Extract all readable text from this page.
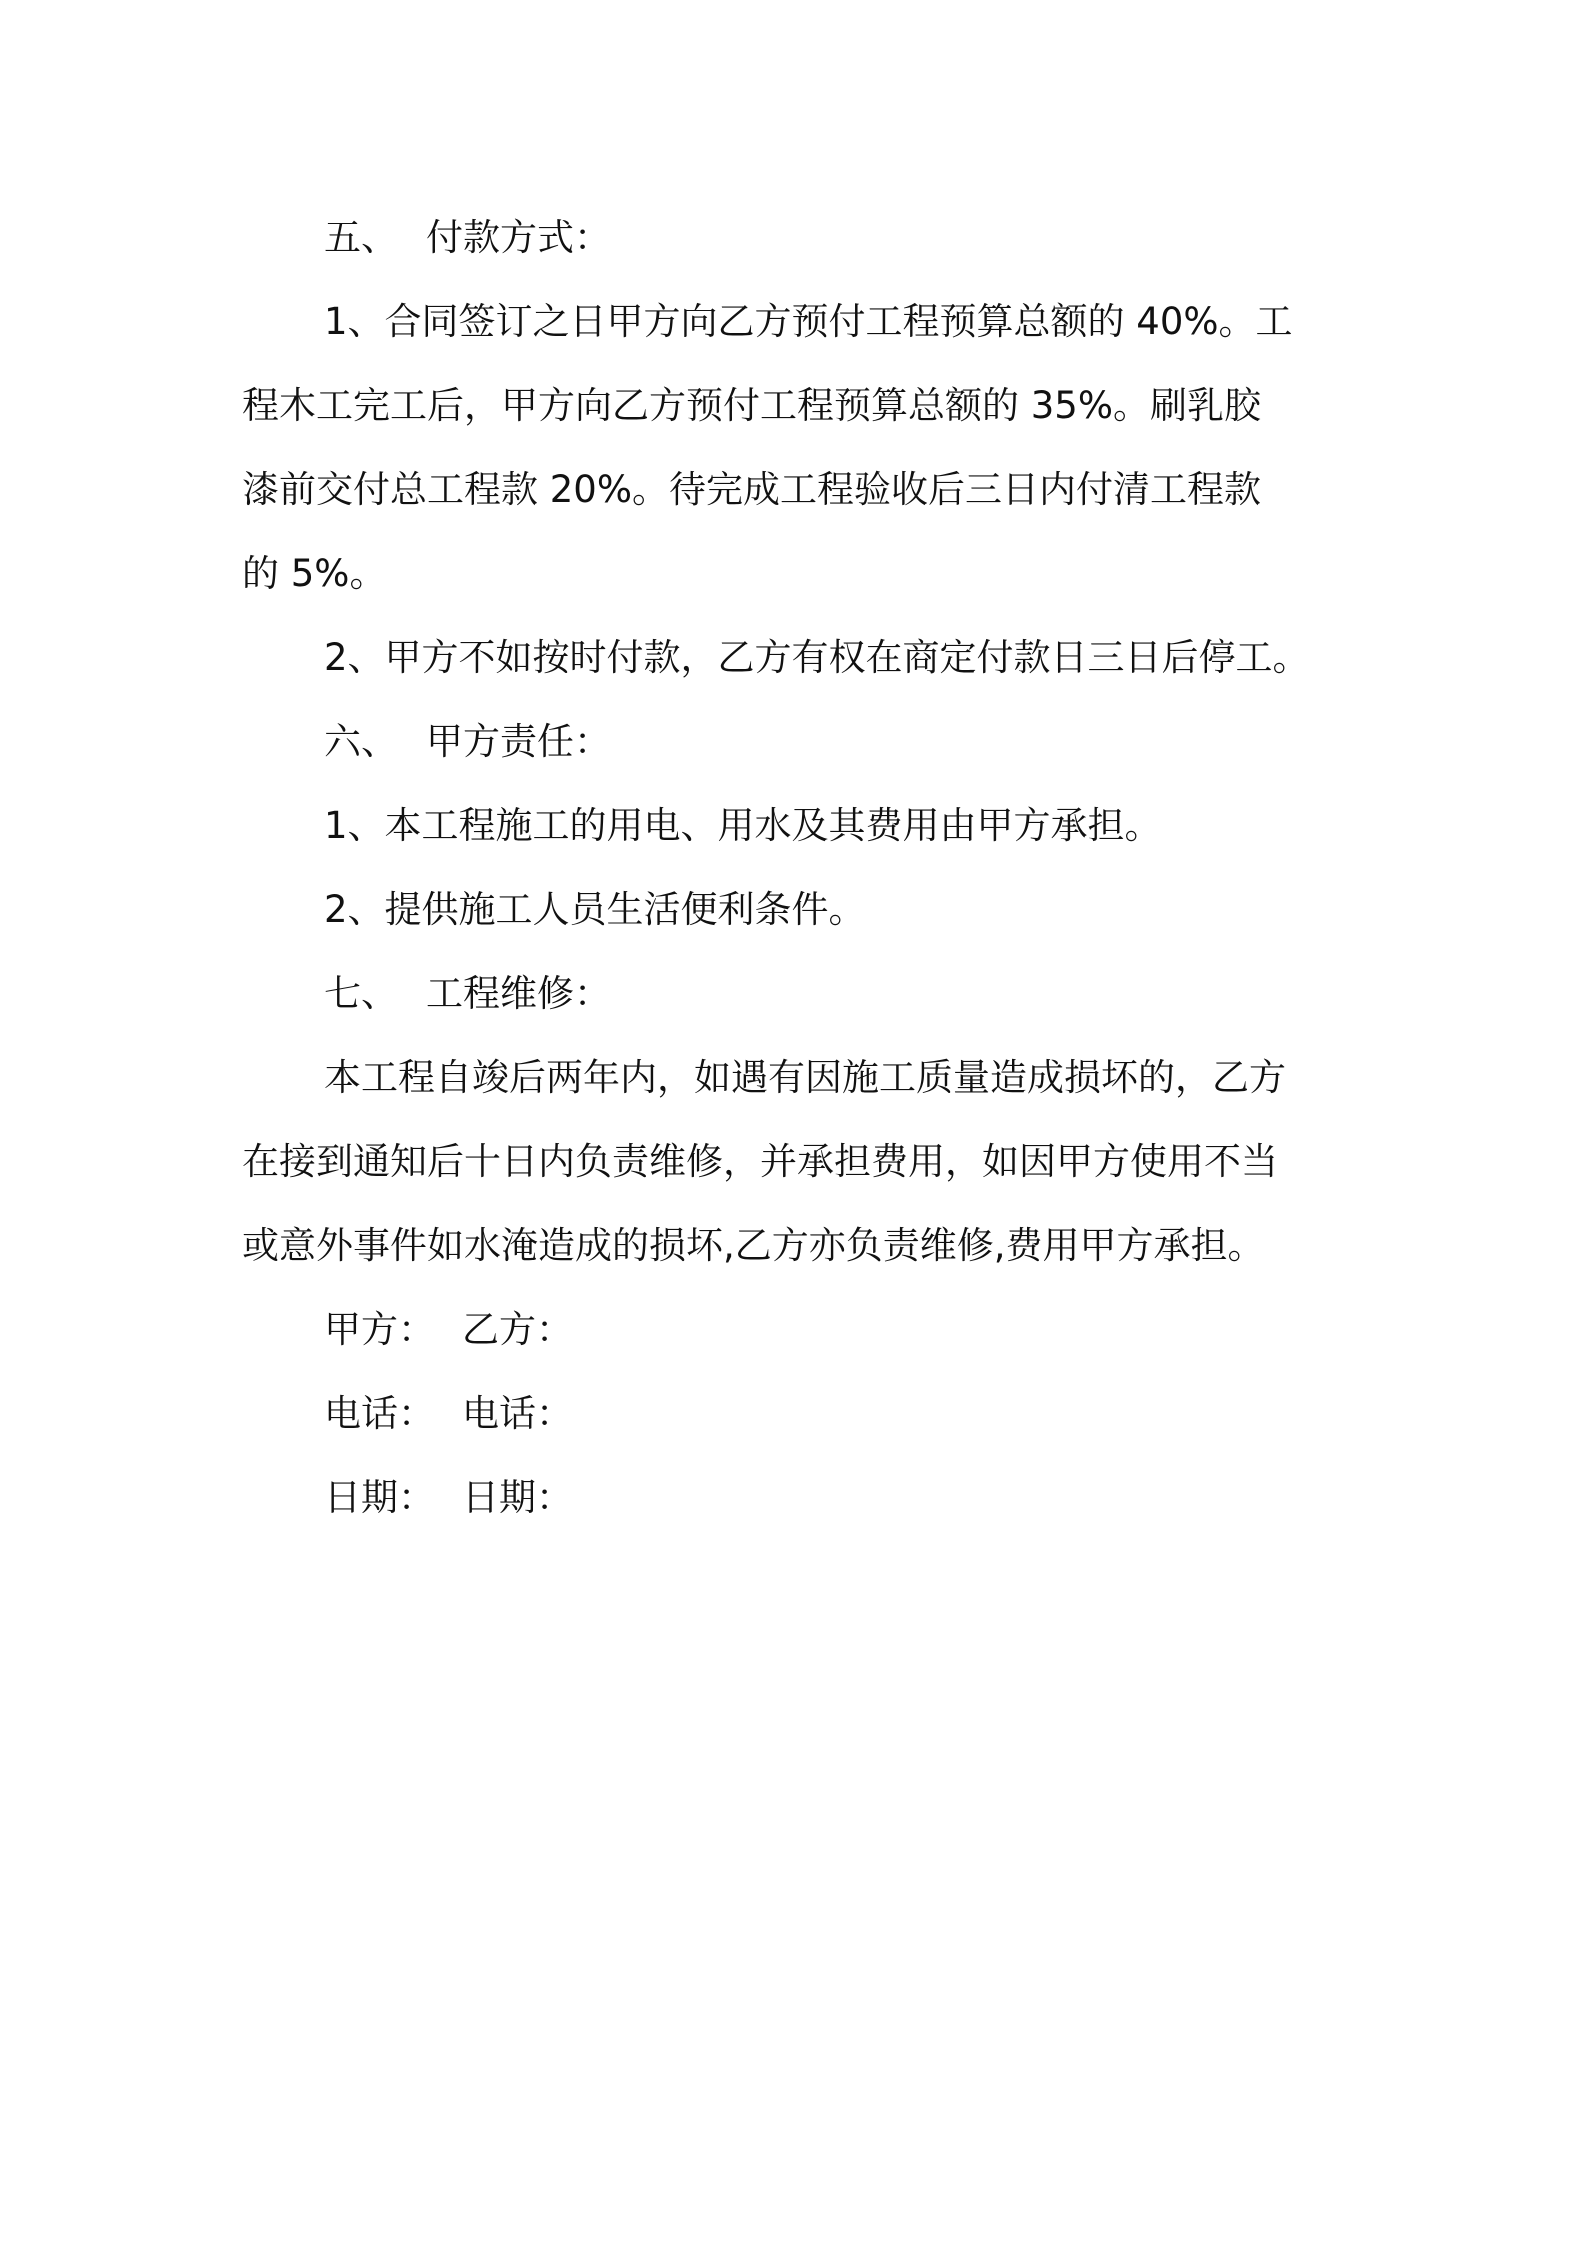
五、 付款方式：
1、合同签订之日甲方向乙方预付工程预算总额的 40%。工
程木工完工后，甲方向乙方预付工程预算总额的 35%。刷乳胶
漆前交付总工程款 20%。待完成工程验收后三日内付清工程款
的 5%。
2、甲方不如按时付款，乙方有权在商定付款日三日后停工。
六、 甲方责任：
1、本工程施工的用电、用水及其费用由甲方承担。
2、提供施工人员生活便利条件。
七、 工程维修：
本工程自竣后两年内，如遇有因施工质量造成损坏的，乙方
在接到通知后十日内负责维修，并承担费用，如因甲方使用不当
或意外事件如水淹造成的损坏,乙方亦负责维修,费用甲方承担。
甲方： 乙方：
电话： 电话：
日期： 日期：
